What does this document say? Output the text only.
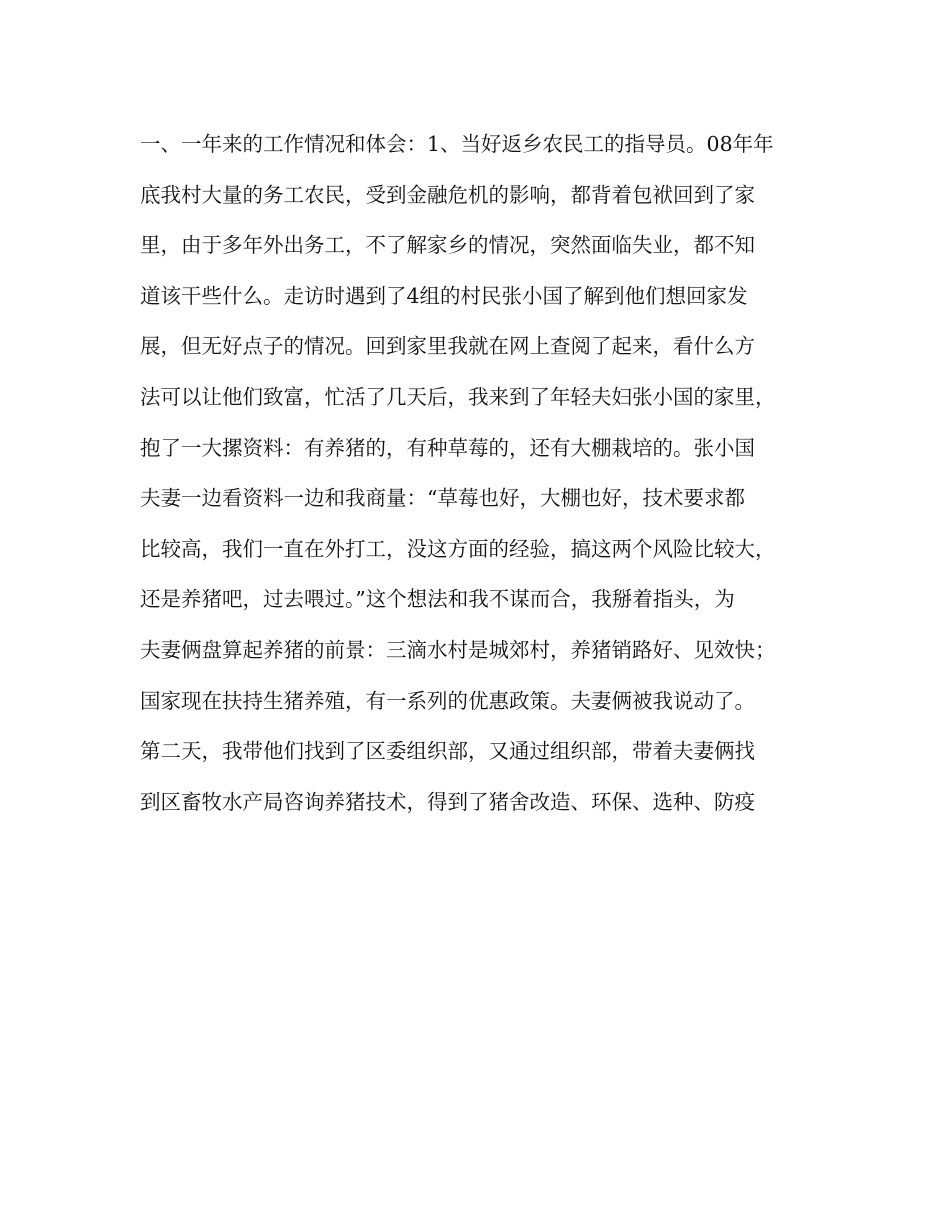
一、一年来的工作情况和体会：1、当好返乡农民工的指导员。08年年
底我村大量的务工农民，受到金融危机的影响，都背着包袱回到了家
里，由于多年外出务工，不了解家乡的情况，突然面临失业，都不知
道该干些什么。走访时遇到了4组的村民张小国了解到他们想回家发
展，但无好点子的情况。回到家里我就在网上查阅了起来，看什么方
法可以让他们致富，忙活了几天后，我来到了年轻夫妇张小国的家里，
抱了一大摞资料：有养猪的，有种草莓的，还有大棚栽培的。张小国
夫妻一边看资料一边和我商量：“草莓也好，大棚也好，技术要求都
比较高，我们一直在外打工，没这方面的经验，搞这两个风险比较大，
还是养猪吧，过去喂过。”这个想法和我不谋而合，我掰着指头，为
夫妻俩盘算起养猪的前景：三滴水村是城郊村，养猪销路好、见效快；
国家现在扶持生猪养殖，有一系列的优惠政策。夫妻俩被我说动了。
第二天，我带他们找到了区委组织部，又通过组织部，带着夫妻俩找
到区畜牧水产局咨询养猪技术，得到了猪舍改造、环保、选种、防疫
